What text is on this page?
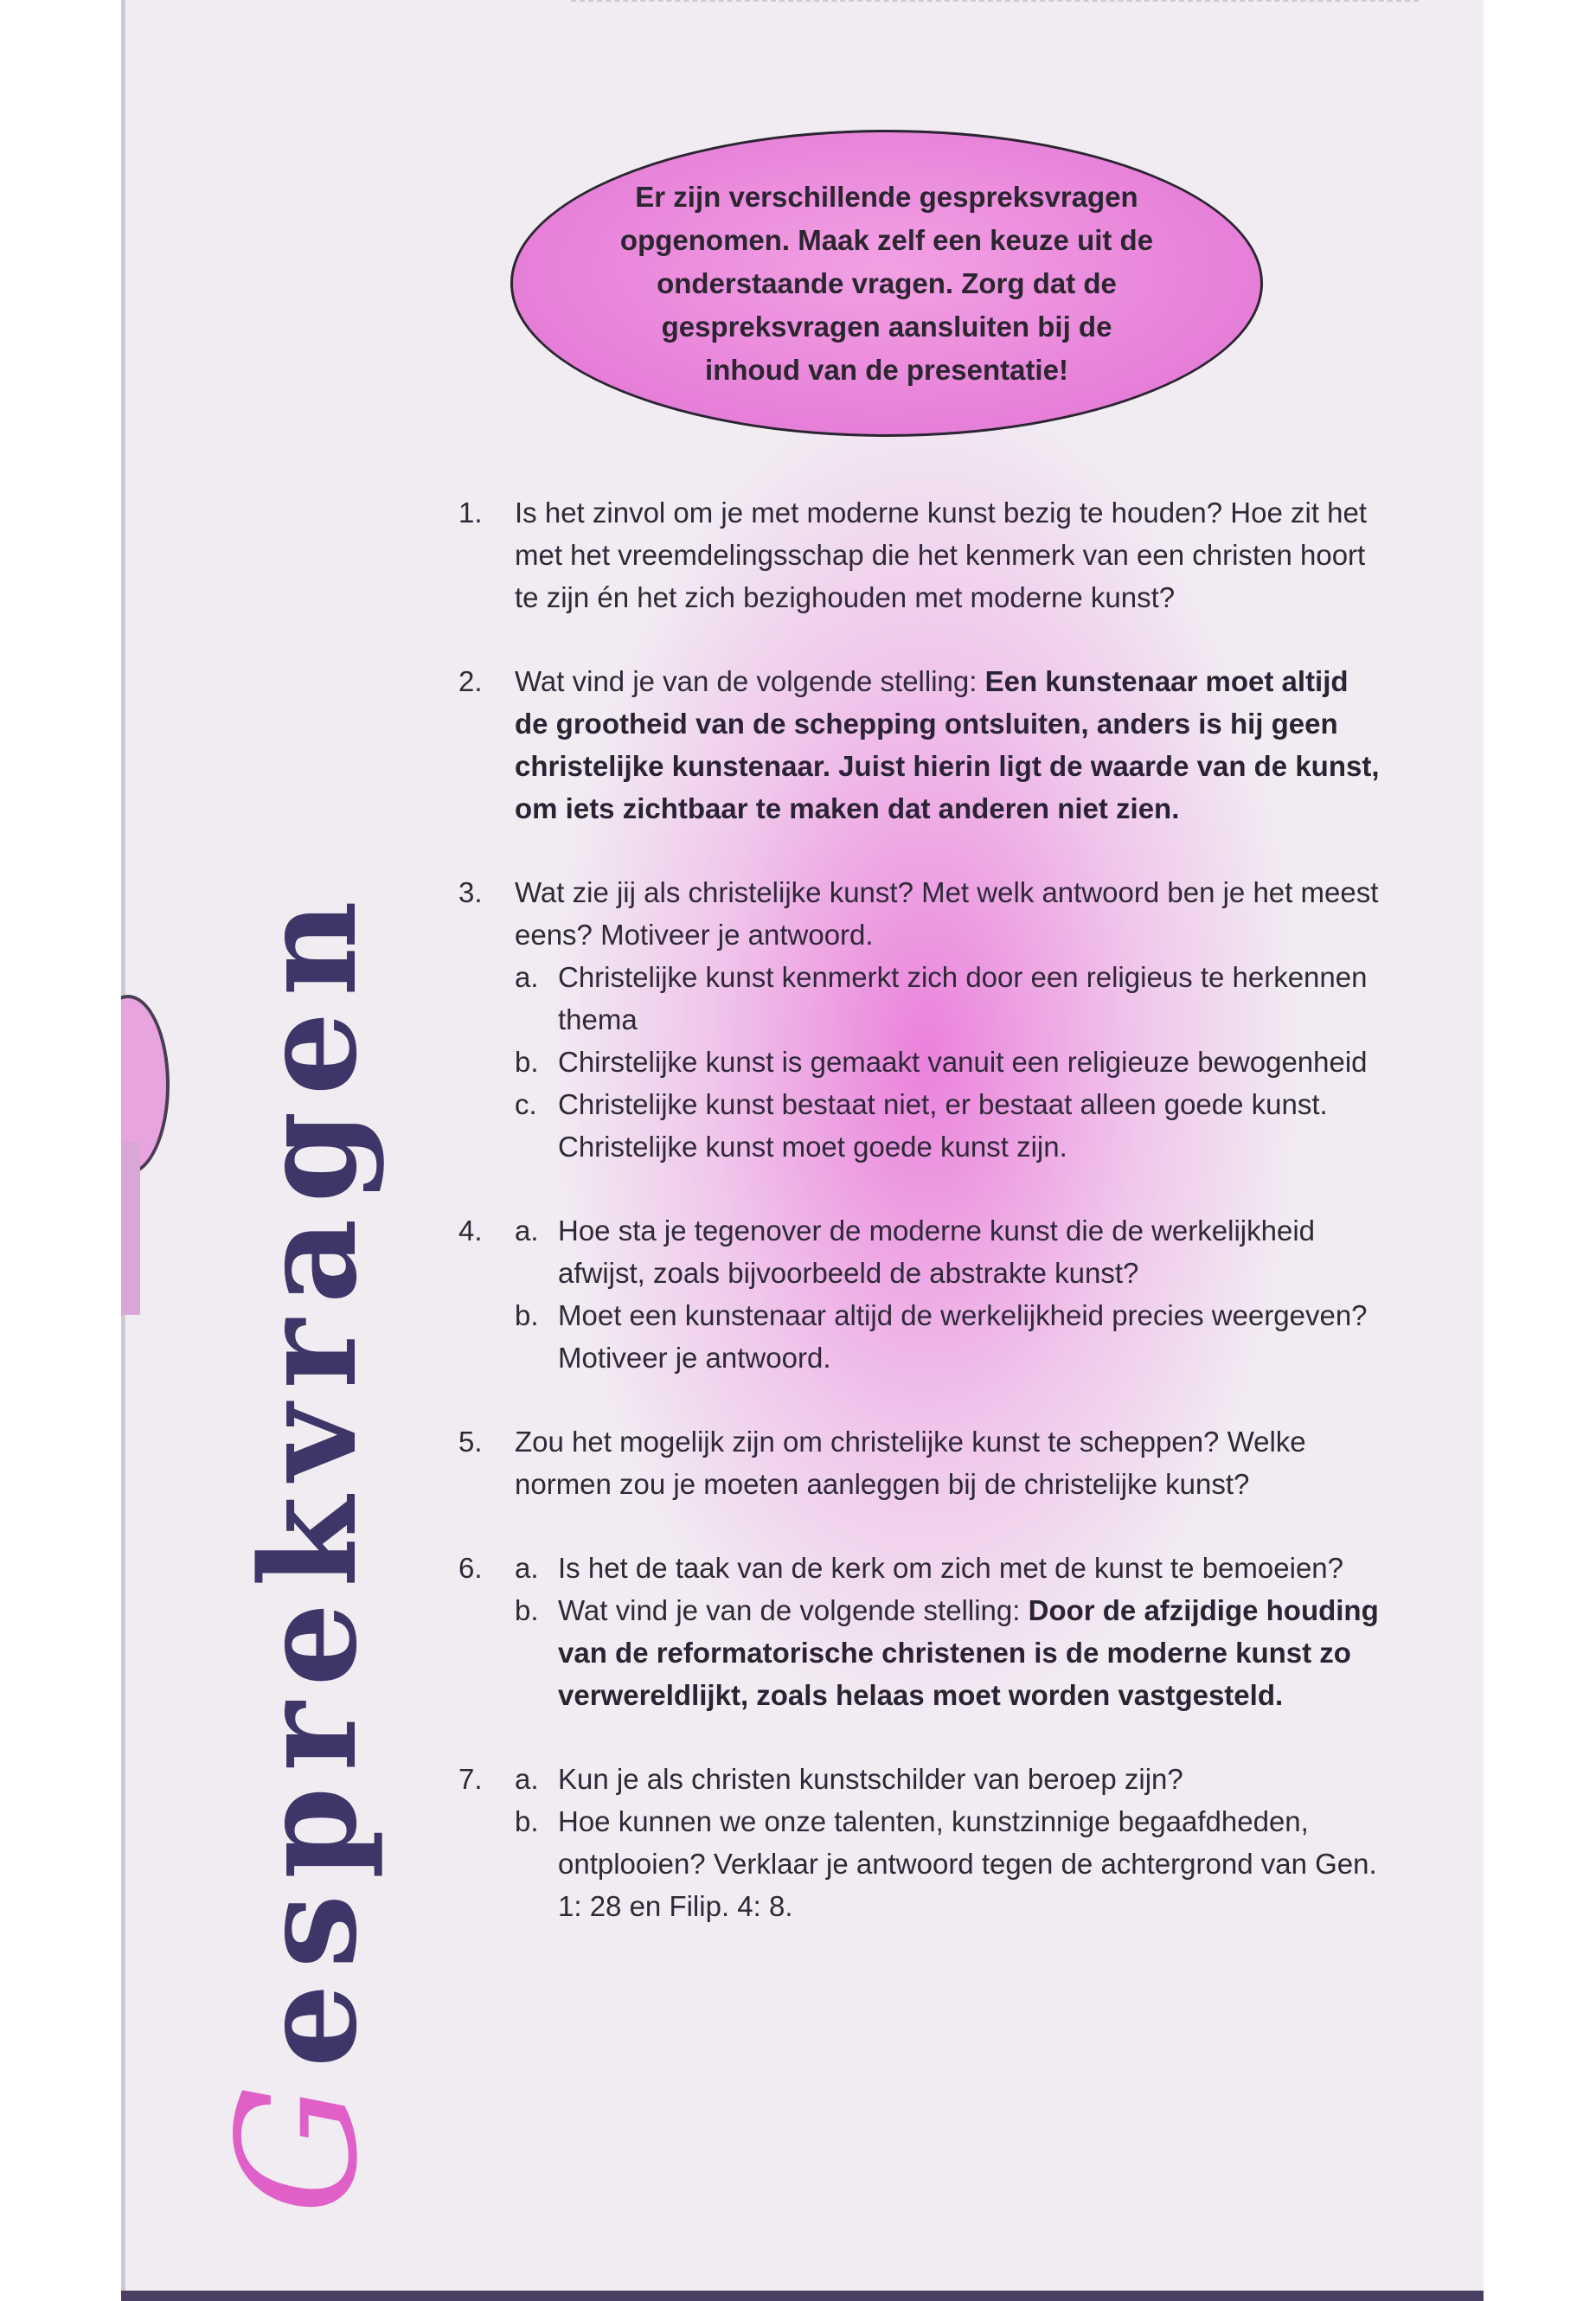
Gesprekvragen
Er zijn verschillende gespreksvragen opgenomen. Maak zelf een keuze uit de onderstaande vragen. Zorg dat de gespreksvragen aansluiten bij de inhoud van de presentatie!
1. Is het zinvol om je met moderne kunst bezig te houden? Hoe zit het met het vreemdelingsschap die het kenmerk van een christen hoort te zijn én het zich bezighouden met moderne kunst?
2. Wat vind je van de volgende stelling: Een kunstenaar moet altijd de grootheid van de schepping ontsluiten, anders is hij geen christelijke kunstenaar. Juist hierin ligt de waarde van de kunst, om iets zichtbaar te maken dat anderen niet zien.
3. Wat zie jij als christelijke kunst? Met welk antwoord ben je het meest eens? Motiveer je antwoord.
a. Christelijke kunst kenmerkt zich door een religieus te herkennen thema
b. Chirstelijke kunst is gemaakt vanuit een religieuze bewogenheid
c. Christelijke kunst bestaat niet, er bestaat alleen goede kunst. Christelijke kunst moet goede kunst zijn.
4. a. Hoe sta je tegenover de moderne kunst die de werkelijkheid afwijst, zoals bijvoorbeeld de abstrakte kunst?
b. Moet een kunstenaar altijd de werkelijkheid precies weergeven? Motiveer je antwoord.
5. Zou het mogelijk zijn om christelijke kunst te scheppen? Welke normen zou je moeten aanleggen bij de christelijke kunst?
6. a. Is het de taak van de kerk om zich met de kunst te bemoeien?
b. Wat vind je van de volgende stelling: Door de afzijdige houding van de reformatorische christenen is de moderne kunst zo verwereldlijkt, zoals helaas moet worden vastgesteld.
7. a. Kun je als christen kunstschilder van beroep zijn?
b. Hoe kunnen we onze talenten, kunstzinnige begaafdheden, ontplooien? Verklaar je antwoord tegen de achtergrond van Gen. 1: 28 en Filip. 4: 8.
